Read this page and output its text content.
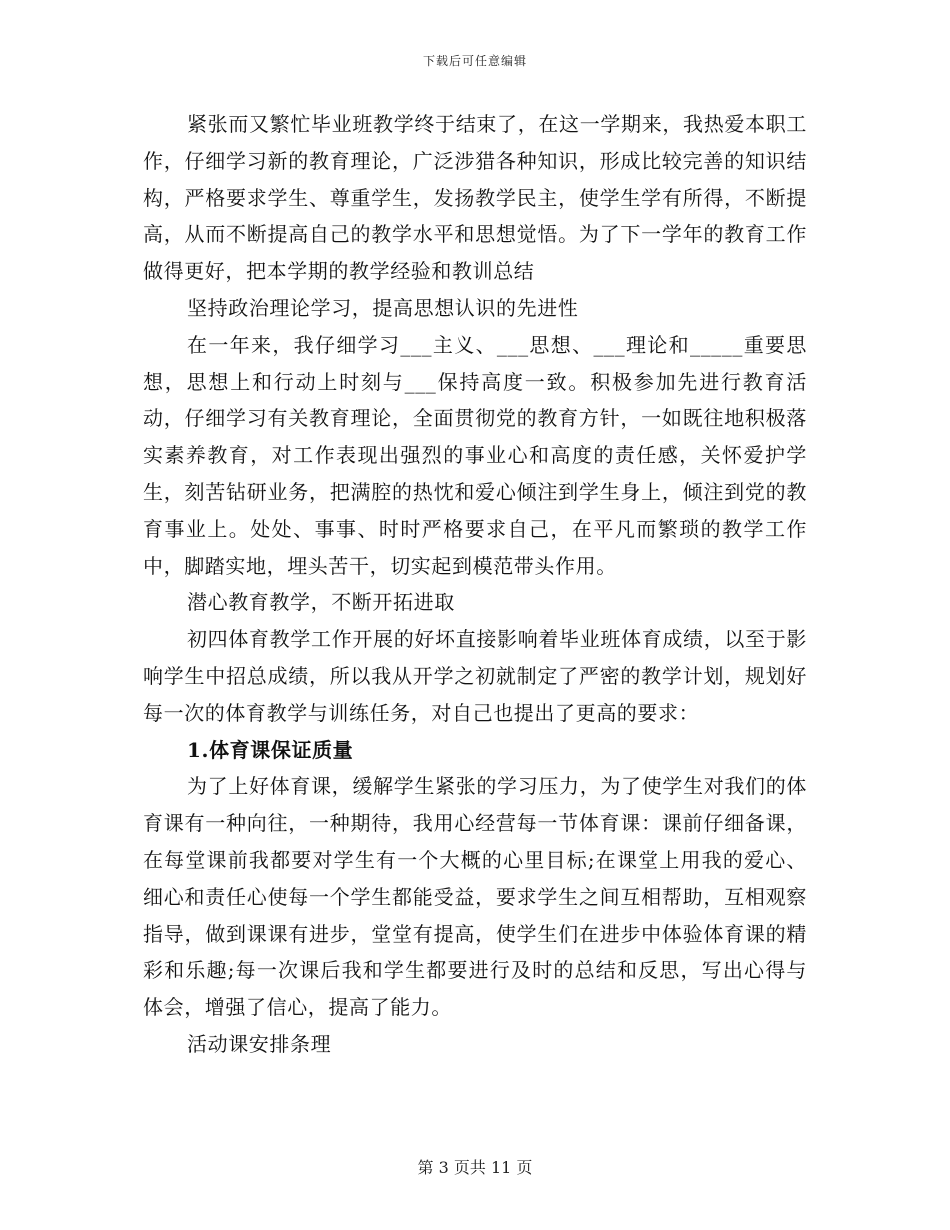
下载后可任意编辑

紧张而又繁忙毕业班教学终于结束了，在这一学期来，我热爱本职工作，仔细学习新的教育理论，广泛涉猎各种知识，形成比较完善的知识结构，严格要求学生、尊重学生，发扬教学民主，使学生学有所得，不断提高，从而不断提高自己的教学水平和思想觉悟。为了下一学年的教育工作做得更好，把本学期的教学经验和教训总结

坚持政治理论学习，提高思想认识的先进性

在一年来，我仔细学习___主义、___思想、___理论和_____重要思想，思想上和行动上时刻与___保持高度一致。积极参加先进行教育活动，仔细学习有关教育理论，全面贯彻党的教育方针，一如既往地积极落实素养教育，对工作表现出强烈的事业心和高度的责任感，关怀爱护学生，刻苦钻研业务，把满腔的热忱和爱心倾注到学生身上，倾注到党的教育事业上。处处、事事、时时严格要求自己，在平凡而繁琐的教学工作中，脚踏实地，埋头苦干，切实起到模范带头作用。

潜心教育教学，不断开拓进取

初四体育教学工作开展的好坏直接影响着毕业班体育成绩，以至于影响学生中招总成绩，所以我从开学之初就制定了严密的教学计划，规划好每一次的体育教学与训练任务，对自己也提出了更高的要求：

1.体育课保证质量

为了上好体育课，缓解学生紧张的学习压力，为了使学生对我们的体育课有一种向往，一种期待，我用心经营每一节体育课：课前仔细备课，在每堂课前我都要对学生有一个大概的心里目标;在课堂上用我的爱心、细心和责任心使每一个学生都能受益，要求学生之间互相帮助，互相观察指导，做到课课有进步，堂堂有提高，使学生们在进步中体验体育课的精彩和乐趣;每一次课后我和学生都要进行及时的总结和反思，写出心得与体会，增强了信心，提高了能力。

活动课安排条理

第 3 页共 11 页
